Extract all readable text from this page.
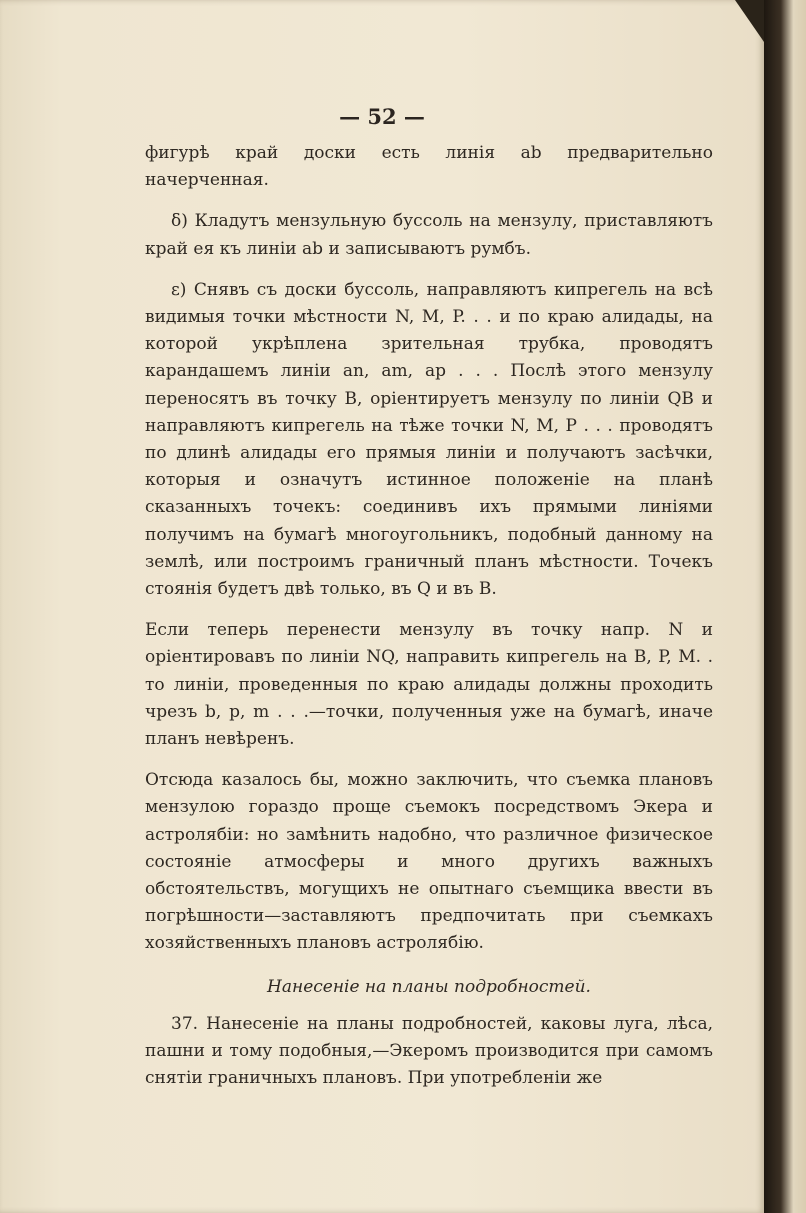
— 52 —

фигурѣ край доски есть линія аb предварительно начерченная.

δ) Кладутъ мензульную буссоль на мензулу, приставляютъ край ея къ линіи аb и записываютъ румбъ.

ε) Снявъ съ доски буссоль, направляютъ кипрегель на всѣ видимыя точки мѣстности N, M, P. . . и по краю алидады, на которой укрѣплена зрительная трубка, проводятъ карандашемъ линіи an, am, ap . . . Послѣ этого мензулу переносятъ въ точку B, оріентируетъ мензулу по линіи QB и направляютъ кипрегель на тѣже точки N, M, P . . . проводятъ по длинѣ алидады его прямыя линіи и получаютъ засѣчки, которыя и означутъ истинное положеніе на планѣ сказанныхъ точекъ: соединивъ ихъ прямыми линіями получимъ на бумагѣ многоугольникъ, подобный данному на землѣ, или построимъ граничный планъ мѣстности. Точекъ стоянія будетъ двѣ только, въ Q и въ B.

Если теперь перенести мензулу въ точку напр. N и оріентировавъ по линіи NQ, направить кипрегель на B, P, M. . то линіи, проведенныя по краю алидады должны проходить чрезъ b, p, m . . .—точки, полученныя уже на бумагѣ, иначе планъ невѣренъ.

Отсюда казалось бы, можно заключить, что съемка плановъ мензулою гораздо проще съемокъ посредствомъ Экера и астролябіи: но замѣнить надобно, что различное физическое состояніе атмосферы и много другихъ важныхъ обстоятельствъ, могущихъ не опытнаго съемщика ввести въ погрѣшности—заставляютъ предпочитать при съемкахъ хозяйственныхъ плановъ астролябію.

Нанесеніе на планы подробностей.

37. Нанесеніе на планы подробностей, каковы луга, лѣса, пашни и тому подобныя,—Экеромъ производится при самомъ снятіи граничныхъ плановъ. При употребленіи же
